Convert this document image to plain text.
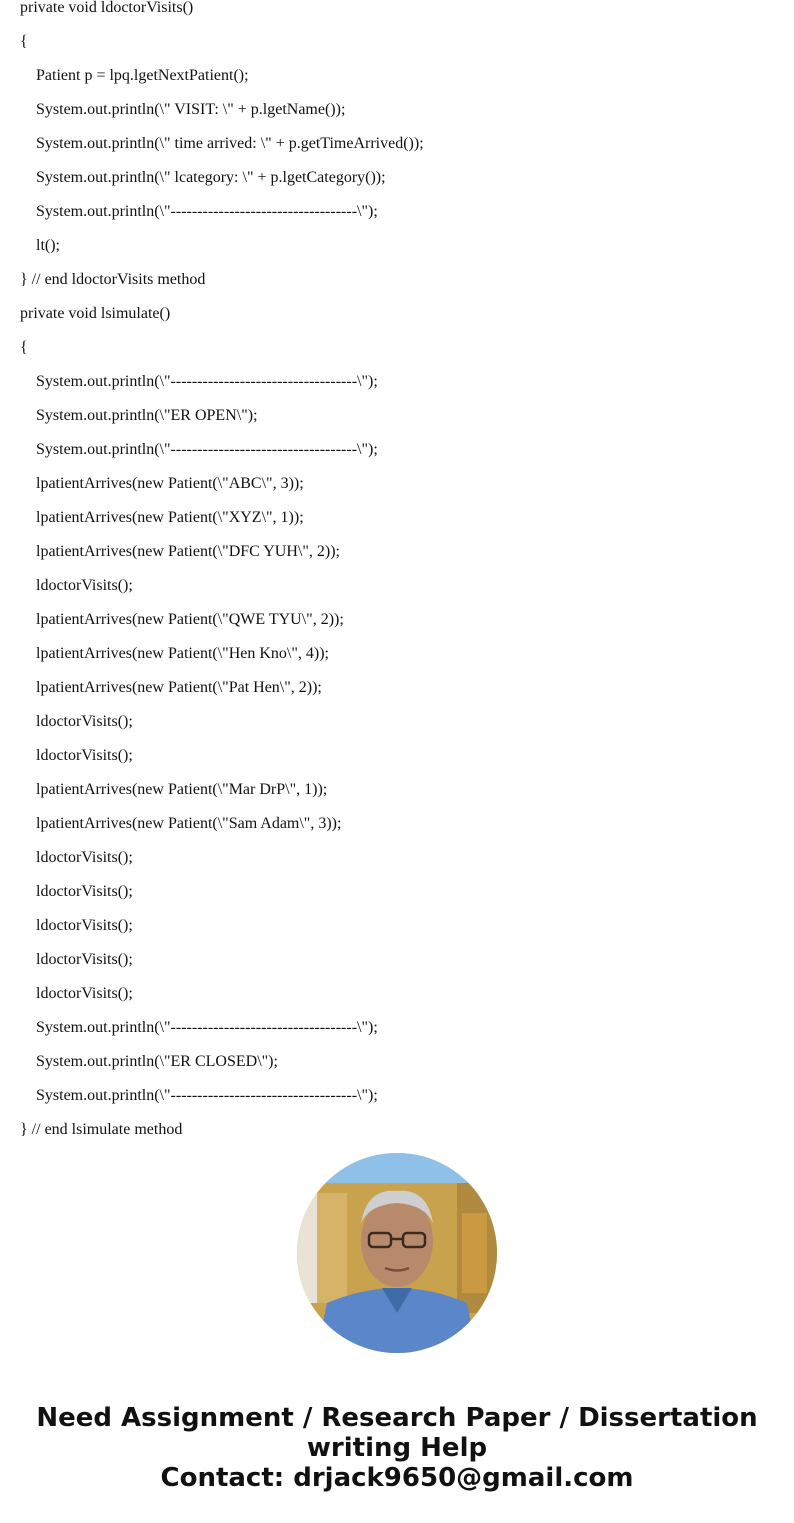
private void ldoctorVisits()
{
Patient p = lpq.lgetNextPatient();
System.out.println(\" VISIT: \" + p.lgetName());
System.out.println(\" time arrived: \" + p.getTimeArrived());
System.out.println(\" lcategory: \" + p.lgetCategory());
System.out.println(\"-----------------------------------\");
lt();
} // end ldoctorVisits method
private void lsimulate()
{
System.out.println(\"-----------------------------------\");
System.out.println(\"ER OPEN\");
System.out.println(\"-----------------------------------\");
lpatientArrives(new Patient(\"ABC\", 3));
lpatientArrives(new Patient(\"XYZ\", 1));
lpatientArrives(new Patient(\"DFC YUH\", 2));
ldoctorVisits();
lpatientArrives(new Patient(\"QWE TYU\", 2));
lpatientArrives(new Patient(\"Hen Kno\", 4));
lpatientArrives(new Patient(\"Pat Hen\", 2));
ldoctorVisits();
ldoctorVisits();
lpatientArrives(new Patient(\"Mar DrP\", 1));
lpatientArrives(new Patient(\"Sam Adam\", 3));
ldoctorVisits();
ldoctorVisits();
ldoctorVisits();
ldoctorVisits();
ldoctorVisits();
System.out.println(\"-----------------------------------\");
System.out.println(\"ER CLOSED\");
System.out.println(\"-----------------------------------\");
} // end lsimulate method
Need Assignment / Research Paper / Dissertation
writing Help
Contact: drjack9650@gmail.com
